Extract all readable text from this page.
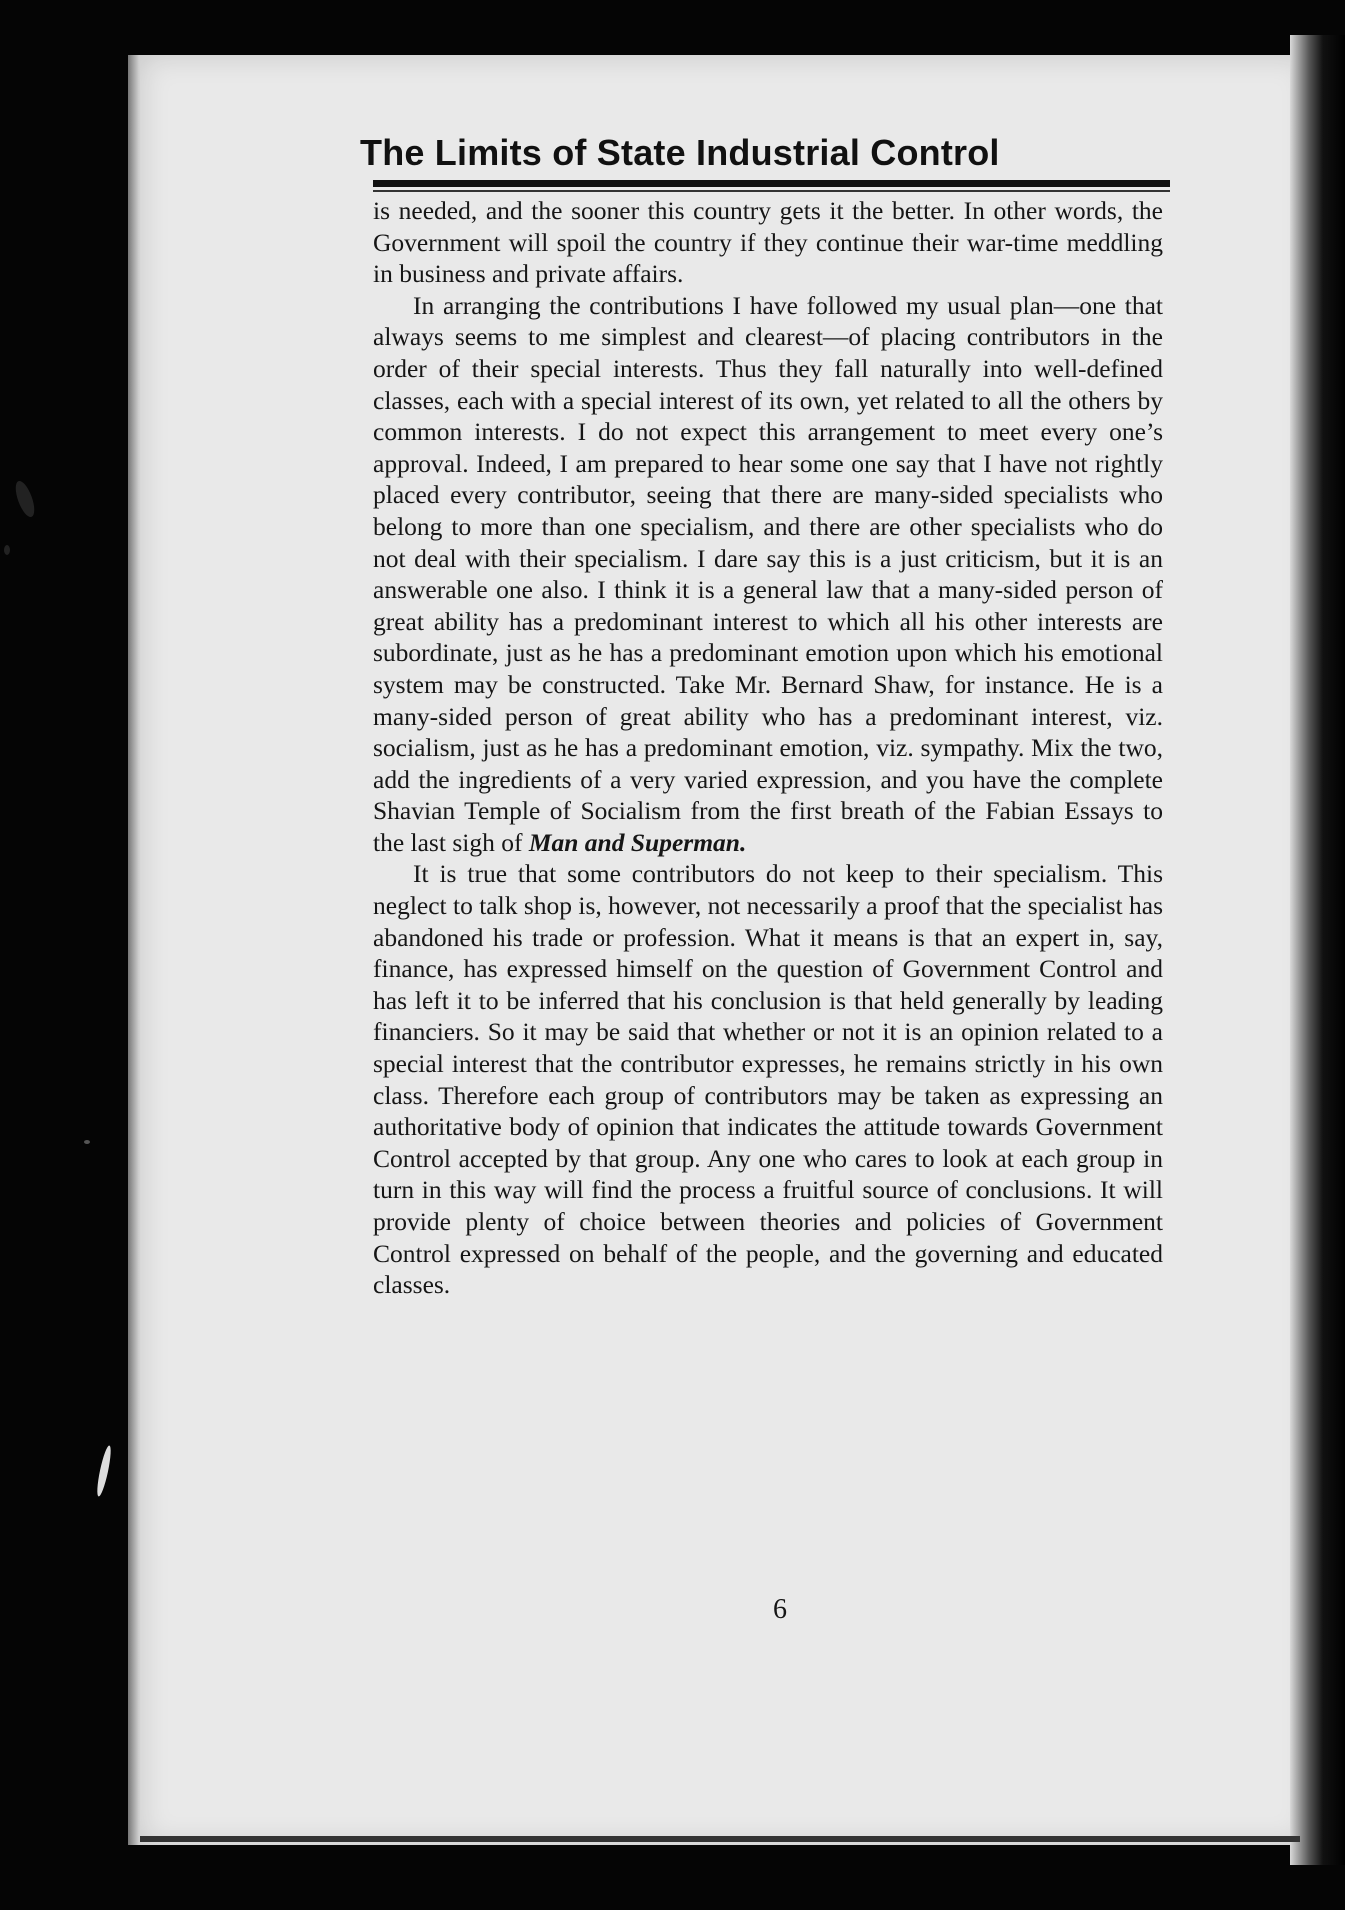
The Limits of State Industrial Control

is needed, and the sooner this country gets it the better. In other words, the Government will spoil the country if they continue their war-time meddling in business and private affairs.

In arranging the contributions I have followed my usual plan—one that always seems to me simplest and clearest—of placing contributors in the order of their special interests. Thus they fall naturally into well-defined classes, each with a special interest of its own, yet related to all the others by common interests. I do not expect this arrangement to meet every one’s approval. Indeed, I am prepared to hear some one say that I have not rightly placed every contributor, seeing that there are many-sided specialists who belong to more than one specialism, and there are other specialists who do not deal with their specialism. I dare say this is a just criticism, but it is an answerable one also. I think it is a general law that a many-sided person of great ability has a predominant interest to which all his other interests are subordinate, just as he has a predominant emotion upon which his emotional system may be constructed. Take Mr. Bernard Shaw, for instance. He is a many-sided person of great ability who has a predominant interest, viz. socialism, just as he has a predominant emotion, viz. sympathy. Mix the two, add the ingredients of a very varied expression, and you have the complete Shavian Temple of Socialism from the first breath of the Fabian Essays to the last sigh of Man and Superman.

It is true that some contributors do not keep to their specialism. This neglect to talk shop is, however, not necessarily a proof that the specialist has abandoned his trade or profession. What it means is that an expert in, say, finance, has expressed himself on the question of Government Control and has left it to be inferred that his conclusion is that held generally by leading financiers. So it may be said that whether or not it is an opinion related to a special interest that the contributor expresses, he remains strictly in his own class. Therefore each group of contributors may be taken as expressing an authoritative body of opinion that indicates the attitude towards Government Control accepted by that group. Any one who cares to look at each group in turn in this way will find the process a fruitful source of conclusions. It will provide plenty of choice between theories and policies of Government Control expressed on behalf of the people, and the governing and educated classes.

6
